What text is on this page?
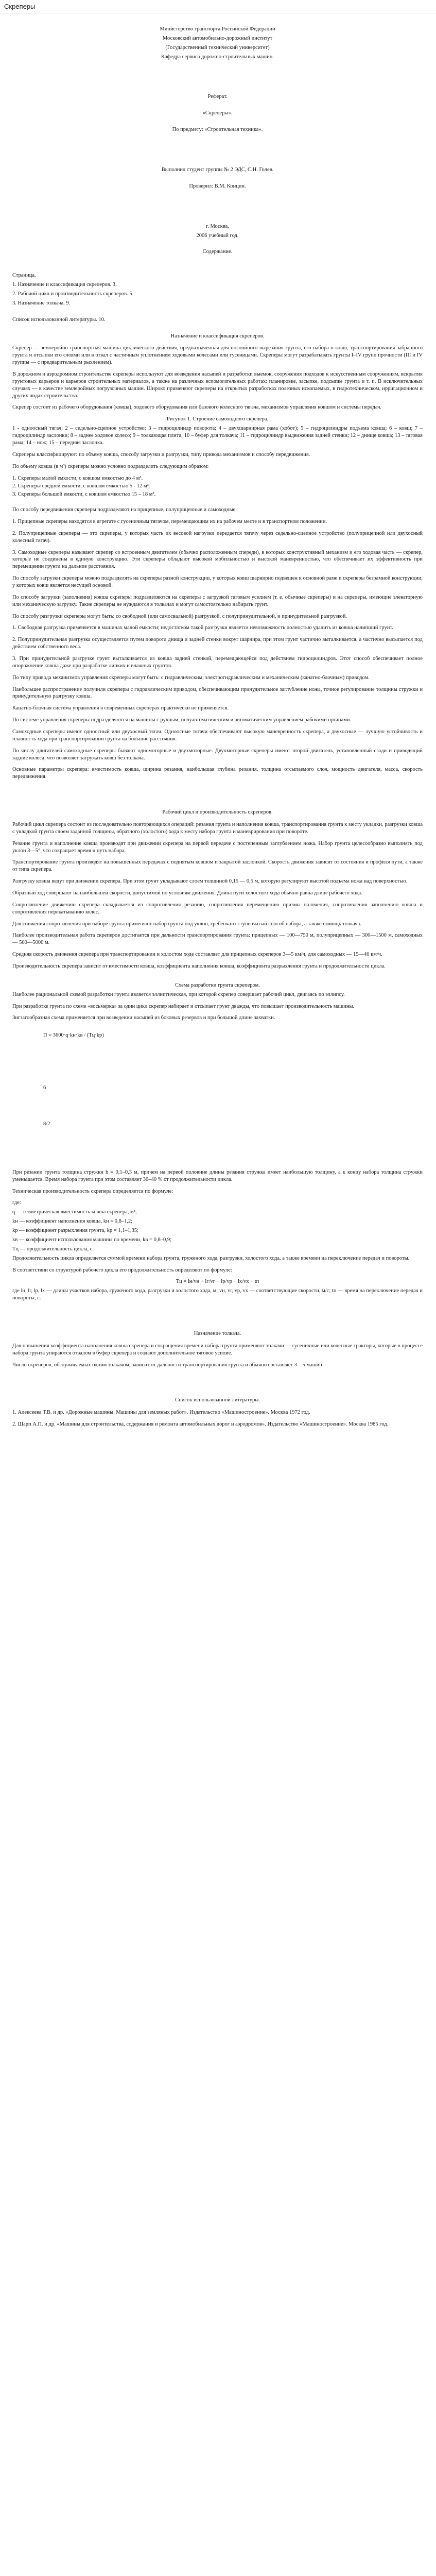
Скреперы
Министерство транспорта Российской Федерации
Московский автомобильно-дорожный институт
(Государственный технический университет)
Кафедра сервиса дорожно-строительных машин.
Реферат.
«Скреперы».
По предмету: «Строительная техника».
Выполнил студент группы № 2 ЭДС, С.Н. Голев.
Проверил: В.М. Концин.
г. Москва,
2006 учебный год.
Содержание.
Страница.
1. Назначение и классификация скреперов. 3.
2. Рабочий цикл и производительность скреперов. 5.
3. Назначение толкача. 9.
Список использованной литературы. 10.
Назначение и классификация скреперов.

Скрепер — землеройно-транспортная машина циклического действия, предназначенная для послойного вырезания грунта, его набора в ковш, транспортирования забранного грунта и отсыпки его слоями или в отвал с частичным уплотнением ходовыми колесами или гусеницами. Скреперы могут разрабатывать грунты I–IV групп прочности (III и IV группы — с предварительным рыхлением).

В дорожном и аэродромном строительстве скреперы используют для возведения насыпей и разработки выемок, сооружения подходов к искусственным сооружениям, вскрытия грунтовых карьеров и карьеров строительных материалов, а также на различных вспомогательных работах: планировке, засыпке, подсыпке грунта и т. п. В исключительных случаях — в качестве землеройных погрузочных машин. Широко применяют скреперы на открытых разработках полезных ископаемых, в гидротехническом, ирригационном и других видах строительства.

Скрепер состоит из рабочего оборудования (ковша), ходового оборудования или базового колесного тягача, механизмов управления ковшом и системы передач.

Рисунок 1. Строение самоходного скрепера.

1 - одноосный тягач; 2 – седельно-сцепное устройство; 3 – гидроцилиндр поворота; 4 – двухшарнирная рама (хобот); 5 – гидроцилиндры подъема ковша; 6 – ковш; 7 – гидроцилиндр заслонки; 8 – заднее ходовое колесо; 9 – толкающая плита; 10 – буфер для толкача; 11 – гидроцилиндр выдвижения задней стенки; 12 – днище ковша; 13 – тяговая рама; 14 – нож; 15 – передняя заслонка.

Скреперы классифицируют: по объему ковша, способу загрузки и разгрузки, типу привода механизмов и способу передвижения.

По объему ковша (в м³) скреперы можно условно подразделить следующим образом:

1. Скреперы малой емкости, с ковшом емкостью до 4 м³.
2. Скреперы средней емкости, с ковшом емкостью 5 - 12 м³.
3. Скреперы большой емкости, с ковшом емкостью 15 – 18 м³.

По способу передвижения скреперы подразделяют на прицепные, полуприцепные и самоходные.

1. Прицепные скреперы находятся в агрегате с гусеничным тягачом, перемещающим их на рабочем месте и в транспортном положении.

2. Полуприцепные скреперы — это скреперы, у которых часть их весовой нагрузки передается тягачу через седельно-сцепное устройство (полуприцепной или двухосный колесный тягач).

3. Самоходные скреперы называют скрепер со встроенным двигателем (обычно расположенным спереди), в которых конструктивный механизм и его ходовая часть — скрепер, которые не соединены в единую конструкцию. Эти скреперы обладают высокой мобильностью и высокой маневренностью, что обеспечивает их эффективность при перемещении грунта на дальние расстояния.

По способу загрузки скреперы можно подразделять на скреперы разной конструкции, у которых ковш шарнирно подвешен к основной раме и скреперы безрамной конструкции, у которых ковш является несущей основой.

По способу загрузки (заполнения) ковша скреперы подразделяются на скреперы с загрузкой тяговым усилием (т. е. обычные скреперы) и на скреперы, имеющие элеваторную или механическую загрузку. Такие скреперы не нуждаются в толкачах и могут самостоятельно набирать грунт.

По способу разгрузки скреперы могут быть: со свободной (или самосвальной) разгрузкой, с полупринудительной, и принудительной разгрузкой.

1. Свободная разгрузка применяется в машинах малой емкости; недостатком такой разгрузки является невозможность полностью удалить из ковша налипший грунт.

2. Полупринудительная разгрузка осуществляется путем поворота днища и задней стенки вокруг шарнира, при этом грунт частично выталкивается, а частично высыпается под действием собственного веса.

3. При принудительной разгрузке грунт выталкивается из ковша задней стенкой, перемещающейся под действием гидроцилиндров. Этот способ обеспечивает полное опорожнение ковша даже при разработке липких и влажных грунтов.

По типу привода механизмов управления скреперы могут быть: с гидравлическим, электрогидравлическим и механическим (канатно-блочным) приводом.

Наибольшее распространение получили скреперы с гидравлическим приводом, обеспечивающим принудительное заглубление ножа, точное регулирование толщины стружки и принудительную разгрузку ковша.

Канатно-блочная система управления в современных скреперах практически не применяется.

По системе управления скреперы подразделяются на машины с ручным, полуавтоматическим и автоматическим управлением рабочими органами.

Самоходные скреперы имеют одноосный или двухосный тягач. Одноосные тягачи обеспечивают высокую маневренность скрепера, а двухосные — лучшую устойчивость и плавность хода при транспортировании грунта на большие расстояния.

По числу двигателей самоходные скреперы бывают одномоторные и двухмоторные. Двухмоторные скреперы имеют второй двигатель, установленный сзади и приводящий задние колеса, что позволяет загружать ковш без толкача.

Основные параметры скрепера: вместимость ковша, ширина резания, наибольшая глубина резания, толщина отсыпаемого слоя, мощность двигателя, масса, скорость передвижения.

Рабочий цикл и производительность скреперов.

Рабочий цикл скрепера состоит из последовательно повторяющихся операций: резания грунта и наполнения ковша, транспортирования грунта к месту укладки, разгрузки ковша с укладкой грунта слоем заданной толщины, обратного (холостого) хода к месту набора грунта и маневрирования при повороте.

Резание грунта и наполнение ковша производят при движении скрепера на первой передаче с постепенным заглублением ножа. Набор грунта целесообразно выполнять под уклон 3—5°, что сокращает время и путь набора.

Транспортирование грунта производят на повышенных передачах с поднятым ковшом и закрытой заслонкой. Скорость движения зависит от состояния и профиля пути, а также от типа скрепера.

Разгрузку ковша ведут при движении скрепера. При этом грунт укладывают слоем толщиной 0,15 — 0,5 м, которую регулируют высотой подъема ножа над поверхностью.

Обратный ход совершают на наибольшей скорости, допустимой по условиям движения. Длина пути холостого хода обычно равна длине рабочего хода.

Сопротивление движению скрепера складывается из сопротивления резанию, сопротивления перемещению призмы волочения, сопротивления заполнению ковша и сопротивления перекатыванию колес.

Для снижения сопротивления при наборе грунта применяют набор грунта под уклон, гребенчато-ступенчатый способ набора, а также помощь толкача.

Наиболее производительная работа скреперов достигается при дальности транспортирования грунта: прицепных — 100—750 м, полуприцепных — 300—1500 м, самоходных — 500—5000 м.

Средняя скорость движения скрепера при транспортировании и холостом ходе составляет для прицепных скреперов 3—5 км/ч, для самоходных — 15—40 км/ч.

Производительность скрепера зависит от вместимости ковша, коэффициента наполнения ковша, коэффициента разрыхления грунта и продолжительности цикла.

Схема разработки грунта скрепером.

Наиболее рациональной схемой разработки грунта является эллиптическая, при которой скрепер совершает рабочий цикл, двигаясь по эллипсу.

При разработке грунта по схеме «восьмерка» за один цикл скрепер набирает и отсыпает грунт дважды, что повышает производительность машины.

Зигзагообразная схема применяется при возведении насыпей из боковых резервов и при большой длине захватки.

П = 3600·q·kн·kв / (Тц·kр)
6
8/2

При резании грунта толщина стружки h = 0,1–0,3 м, причем на первой половине длины резания стружка имеет наибольшую толщину, а к концу набора толщина стружки уменьшается. Время набора грунта при этом составляет 30–40 % от продолжительности цикла.

Техническая производительность скрепера определяется по формуле:

где:
q — геометрическая вместимость ковша скрепера, м³;
kн — коэффициент наполнения ковша, kн = 0,8–1,2;
kр — коэффициент разрыхления грунта, kр = 1,1–1,35;
kв — коэффициент использования машины по времени, kв = 0,8–0,9;
Тц — продолжительность цикла, с.

Продолжительность цикла определяется суммой времени набора грунта, груженого хода, разгрузки, холостого хода, а также времени на переключение передач и повороты.

В соответствии со структурой рабочего цикла его продолжительность определяют по формуле:

Тц = lн/vн + lг/vг + lр/vр + lх/vх + tп

где lн, lг, lр, lх — длины участков набора, груженого хода, разгрузки и холостого хода, м; vн, vг, vр, vх — соответствующие скорости, м/с; tп — время на переключение передач и повороты, с.

Назначение толкача.

Для повышения коэффициента наполнения ковша скрепера и сокращения времени набора грунта применяют толкачи — гусеничные или колесные тракторы, которые в процессе набора грунта упираются отвалом в буфер скрепера и создают дополнительное тяговое усилие.

Число скреперов, обслуживаемых одним толкачом, зависит от дальности транспортирования грунта и обычно составляет 3—5 машин.

Список использованной литературы.

1. Алексеева Т.В. и др. «Дорожные машины. Машины для земляных работ». Издательство «Машиностроение». Москва 1972 год.

2. Шарп А.П. и др. «Машины для строительства, содержания и ремонта автомобильных дорог и аэродромов». Издательство «Машиностроение». Москва 1985 год.
